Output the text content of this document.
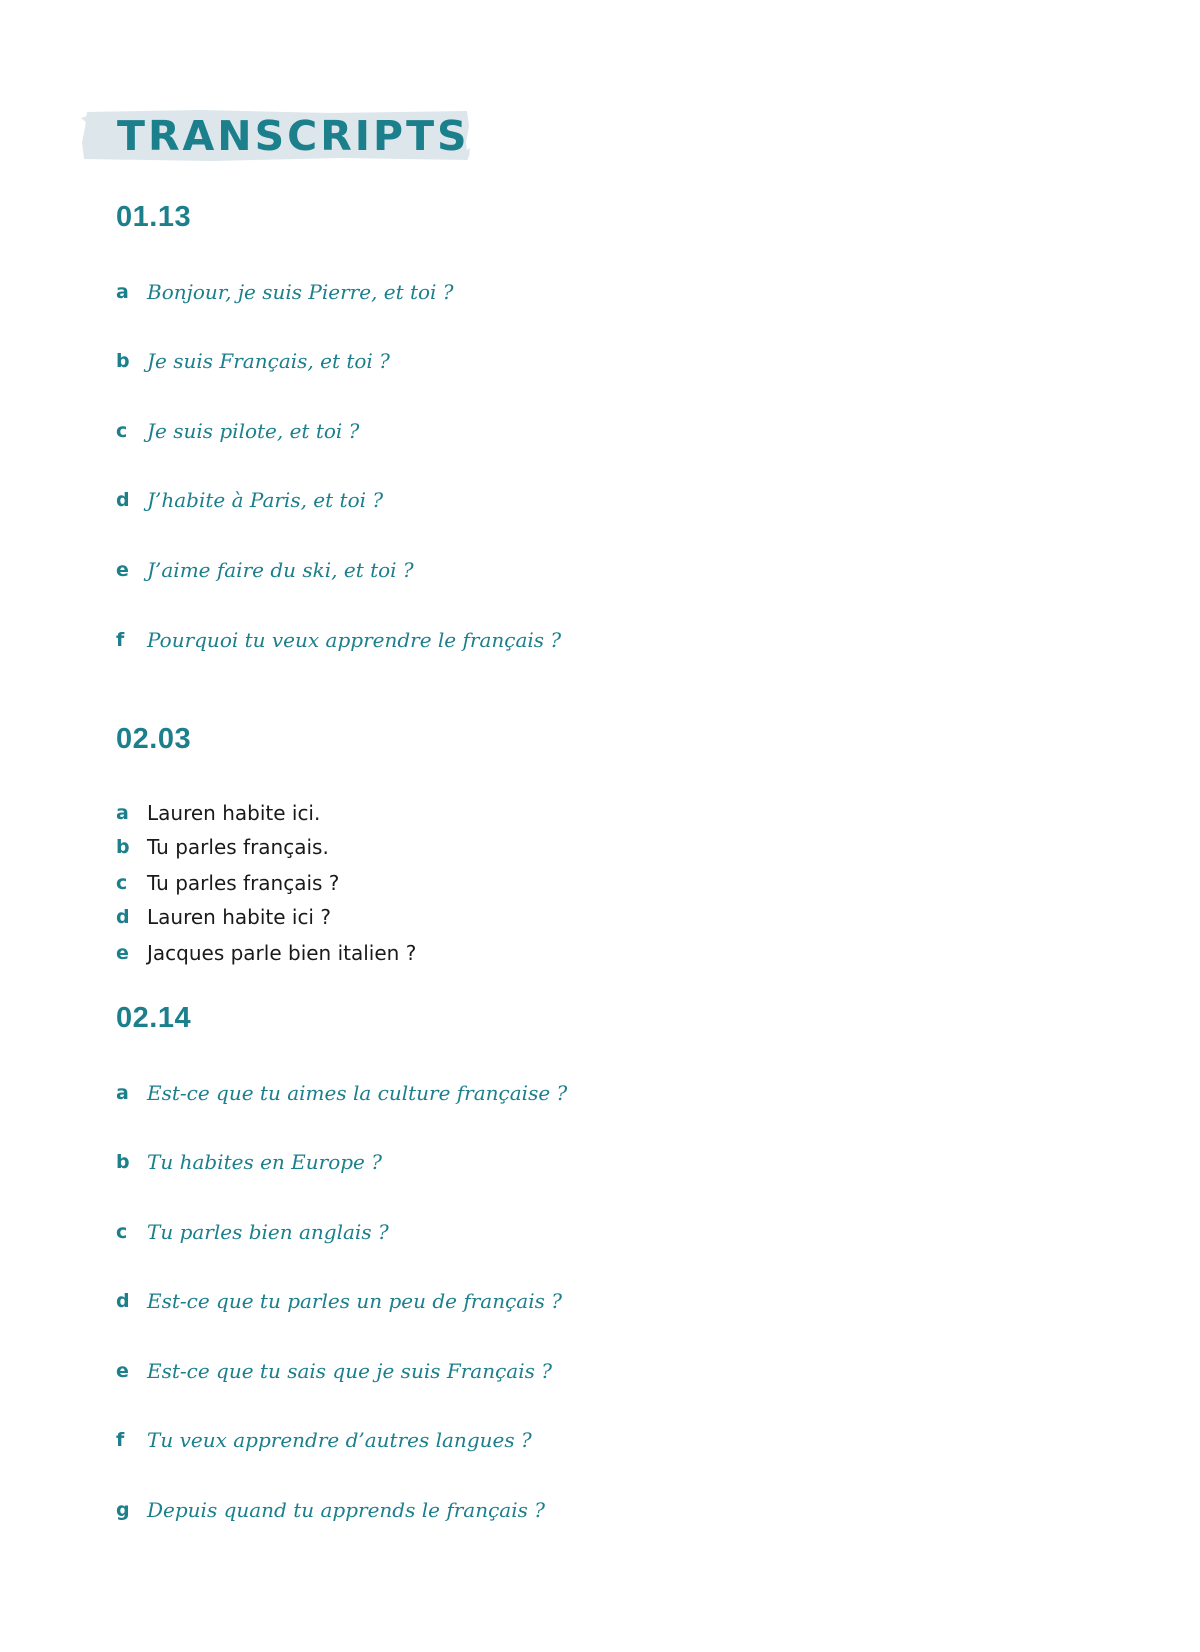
TRANSCRIPTS
01.13
a Bonjour, je suis Pierre, et toi ?
b Je suis Français, et toi ?
c Je suis pilote, et toi ?
d J’habite à Paris, et toi ?
e J’aime faire du ski, et toi ?
f	Pourquoi tu veux apprendre le français ?
02.03
a Lauren habite ici.
b Tu parles français.
c Tu parles français ?
d Lauren habite ici ?
e Jacques parle bien italien ?
02.14
a Est-ce que tu aimes la culture française ?
b Tu habites en Europe ?
c Tu parles bien anglais ?
d Est-ce que tu parles un peu de français ?
e Est-ce que tu sais que je suis Français ?
f	Tu veux apprendre d’autres langues ?
g Depuis quand tu apprends le français ?
